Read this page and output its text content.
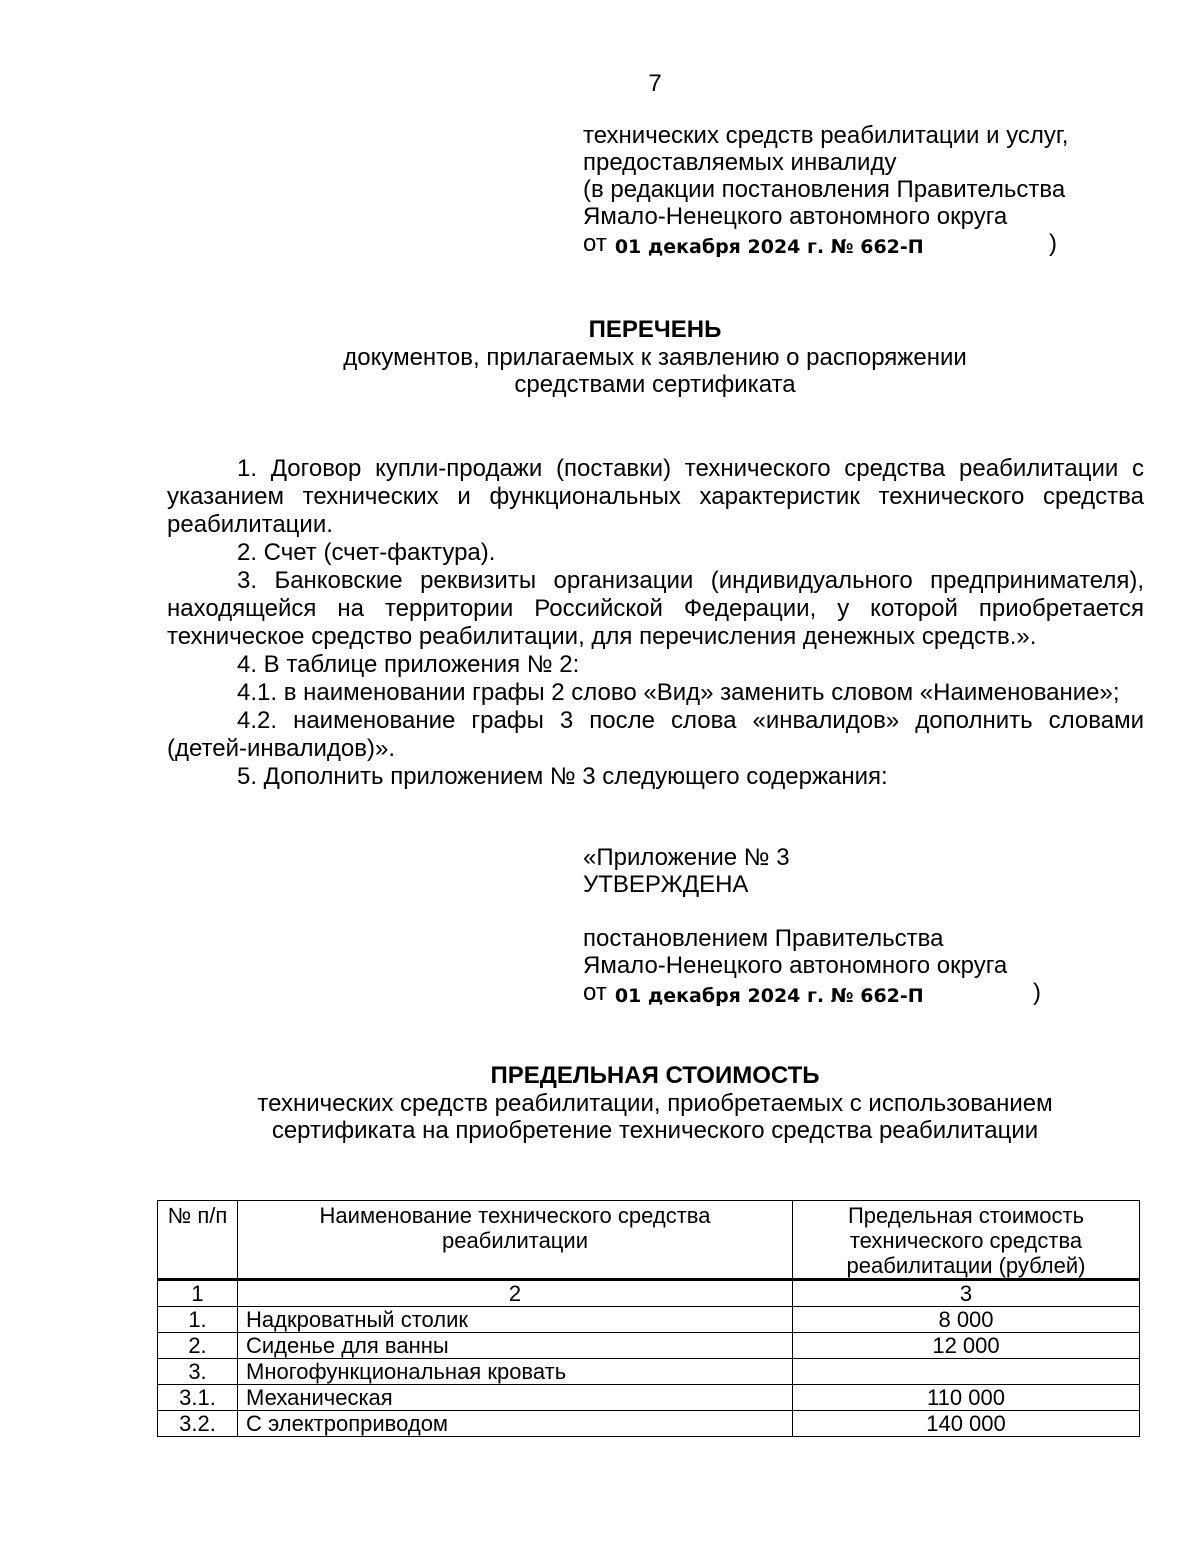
7
технических средств реабилитации и услуг,
предоставляемых инвалиду
(в редакции постановления Правительства
Ямало-Ненецкого автономного округа
от 01 декабря 2024 г. № 662-П	)
ПЕРЕЧЕНЬ
документов, прилагаемых к заявлению о распоряжении
средствами сертификата

1. Договор купли-продажи (поставки) технического средства реабилитации с указанием технических и функциональных характеристик технического средства реабилитации.

2. Счет (счет-фактура).

3. Банковские реквизиты организации (индивидуального предпринимателя), находящейся на территории Российской Федерации, у которой приобретается техническое средство реабилитации, для перечисления денежных средств.».

4. В таблице приложения № 2:

4.1. в наименовании графы 2 слово «Вид» заменить словом «Наименование»;

4.2. наименование графы 3 после слова «инвалидов» дополнить словами (детей-инвалидов)».

5. Дополнить приложением № 3 следующего содержания:

«Приложение № 3
УТВЕРЖДЕНА
постановлением Правительства
Ямало-Ненецкого автономного округа
от 01 декабря 2024 г. № 662-П	)
ПРЕДЕЛЬНАЯ СТОИМОСТЬ
технических средств реабилитации, приобретаемых с использованием
сертификата на приобретение технического средства реабилитации
№ п/п	Наименование технического средства реабилитации	Предельная стоимость технического средства реабилитации (рублей)
1	2	3
1.	Надкроватный столик	8 000
2.	Сиденье для ванны	12 000
3.	Многофункциональная кровать	
3.1.	Механическая	110 000
3.2.	С электроприводом	140 000
